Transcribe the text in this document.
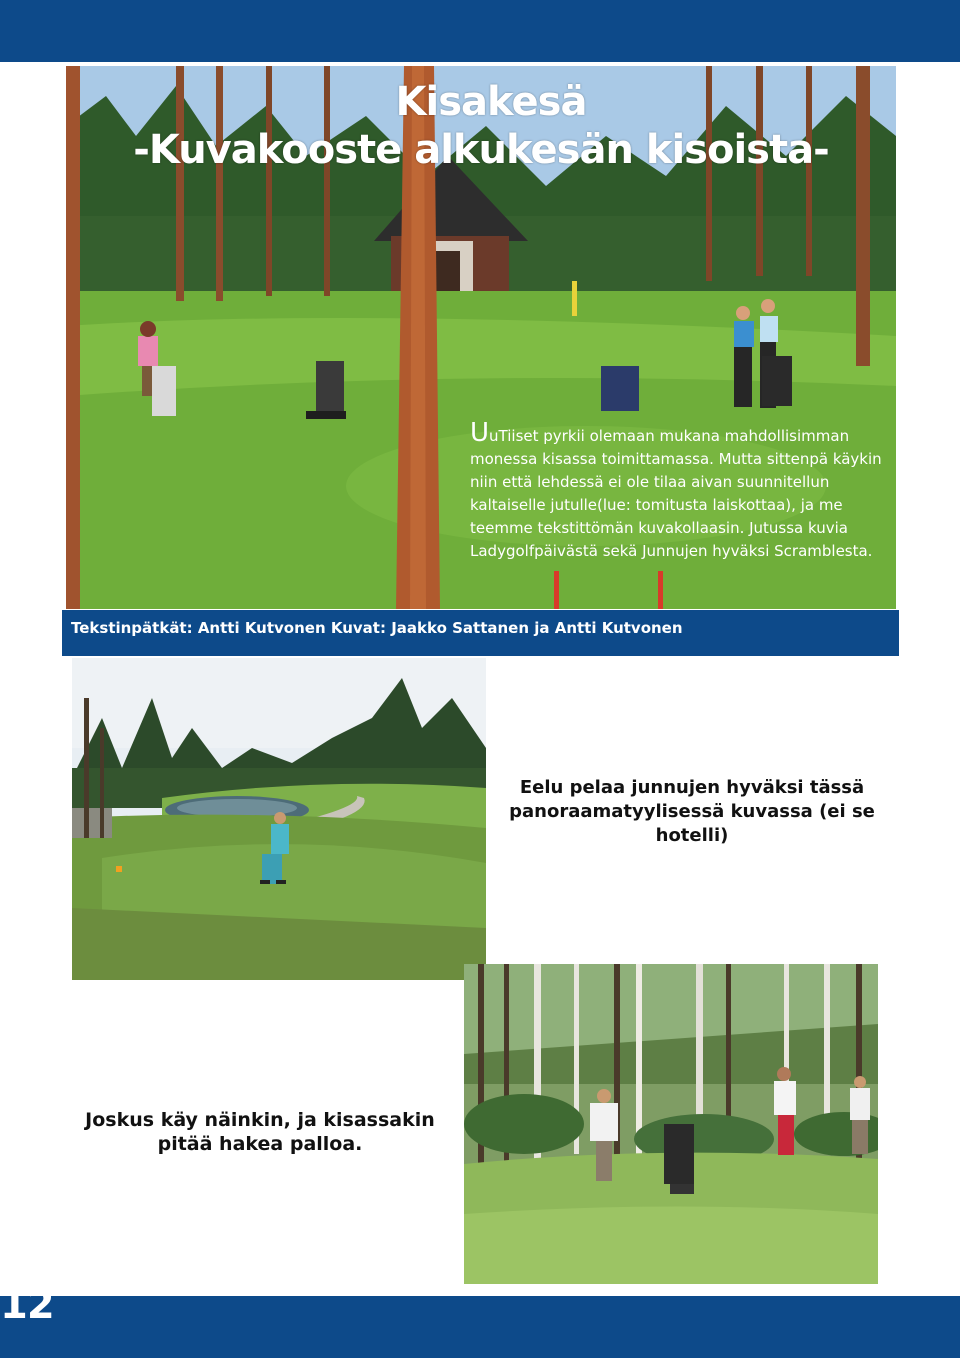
Kisakesä
-Kuvakooste alkukesän kisoista-
UuTiiset pyrkii olemaan mukana mahdollisimman monessa kisassa toimittamassa. Mutta sittenpä käykin niin että lehdessä ei ole tilaa aivan suunnitellun kaltaiselle jutulle(lue: tomitusta laiskottaa), ja me teemme tekstittömän kuvakollaasin. Jutussa kuvia Ladygolfpäivästä sekä Junnujen hyväksi Scramblesta.
Tekstinpätkät: Antti Kutvonen Kuvat: Jaakko Sattanen ja Antti Kutvonen
Eelu pelaa junnujen hyväksi tässä panoraamatyylisessä kuvassa (ei se hotelli)
Joskus käy näinkin, ja kisassakin pitää hakea palloa.
12
